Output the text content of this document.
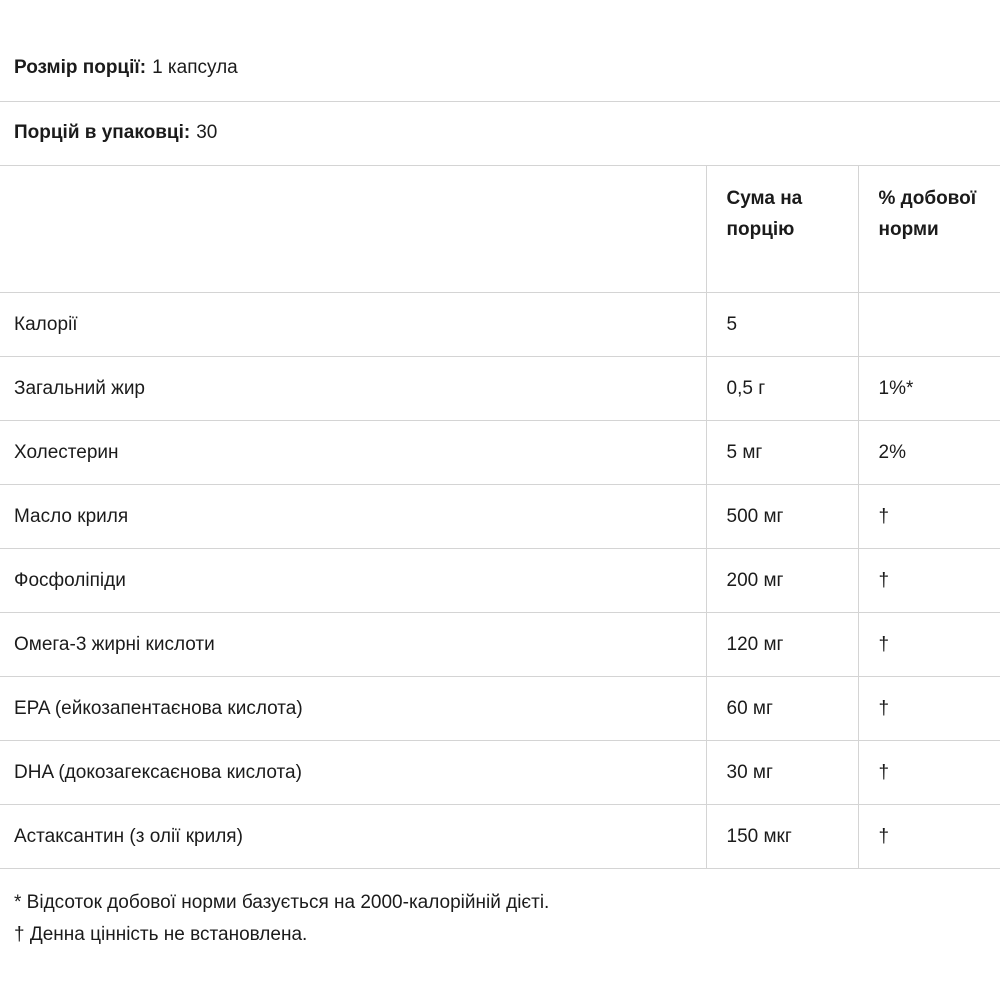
Розмір порції: 1 капсула
Порцій в упаковці: 30
	Сума на порцію	% добової норми
Калорії	5	
Загальний жир	0,5 г	1%*
Холестерин	5 мг	2%
Масло криля	500 мг	†
Фосфоліпіди	200 мг	†
Омега-3 жирні кислоти	120 мг	†
EPA (ейкозапентаєнова кислота)	60 мг	†
DHA (докозагексаєнова кислота)	30 мг	†
Астаксантин (з олії криля)	150 мкг	†
* Відсоток добової норми базується на 2000-калорійній дієті.
† Денна цінність не встановлена.
